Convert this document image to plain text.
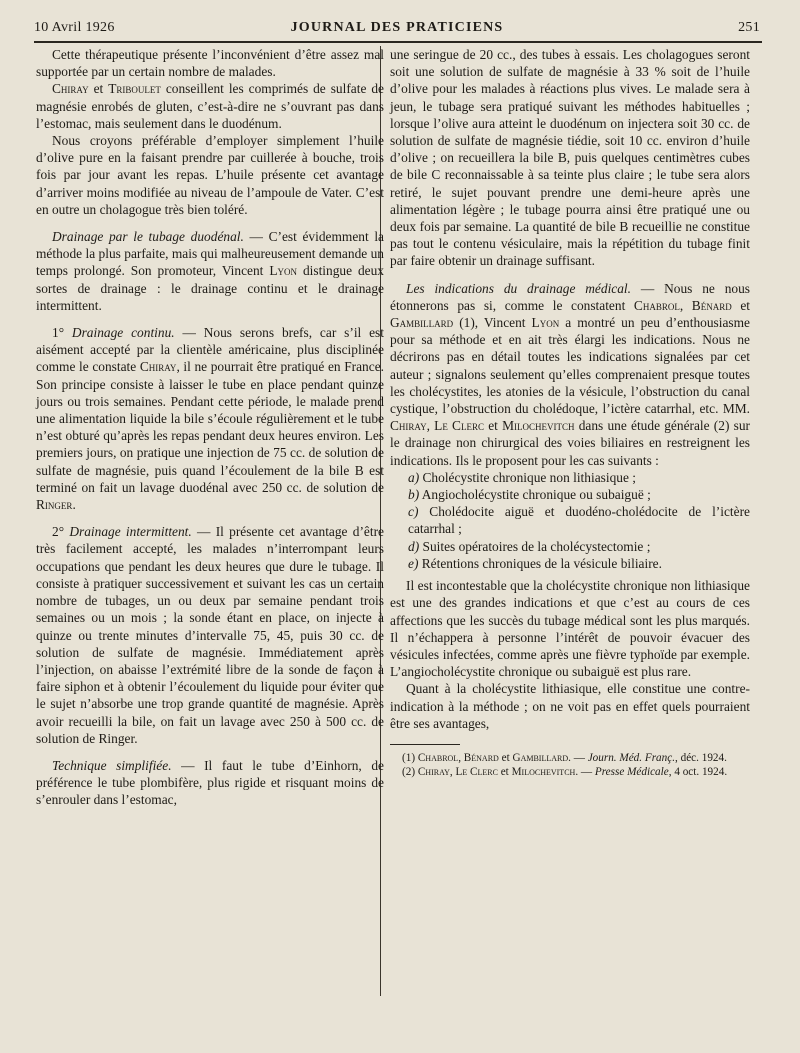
10 Avril 1926	JOURNAL DES PRATICIENS	251

Cette thérapeutique présente l’inconvénient d’être assez mal supportée par un certain nombre de malades.

Chiray et Triboulet conseillent les comprimés de sulfate de magnésie enrobés de gluten, c’est-à-dire ne s’ouvrant pas dans l’estomac, mais seulement dans le duodénum.

Nous croyons préférable d’employer simplement l’huile d’olive pure en la faisant prendre par cuillerée à bouche, trois fois par jour avant les repas. L’huile présente cet avantage d’arriver moins modifiée au niveau de l’ampoule de Vater. C’est en outre un cholagogue très bien toléré.

Drainage par le tubage duodénal. — C’est évidemment la méthode la plus parfaite, mais qui malheureusement demande un temps prolongé. Son promoteur, Vincent Lyon distingue deux sortes de drainage : le drainage continu et le drainage intermittent.

1° Drainage continu. — Nous serons brefs, car s’il est aisément accepté par la clientèle américaine, plus disciplinée comme le constate Chiray, il ne pourrait être pratiqué en France. Son principe consiste à laisser le tube en place pendant quinze jours ou trois semaines. Pendant cette période, le malade prend une alimentation liquide la bile s’écoule régulièrement et le tube n’est obturé qu’après les repas pendant deux heures environ. Les premiers jours, on pratique une injection de 75 cc. de solution de sulfate de magnésie, puis quand l’écoulement de la bile B est terminé on fait un lavage duodénal avec 250 cc. de solution de Ringer.

2° Drainage intermittent. — Il présente cet avantage d’être très facilement accepté, les malades n’interrompant leurs occupations que pendant les deux heures que dure le tubage. Il consiste à pratiquer successivement et suivant les cas un certain nombre de tubages, un ou deux par semaine pendant trois semaines ou un mois ; la sonde étant en place, on injecte à quinze ou trente minutes d’intervalle 75, 45, puis 30 cc. de solution de sulfate de magnésie. Immédiatement après l’injection, on abaisse l’extrémité libre de la sonde de façon à faire siphon et à obtenir l’écoulement du liquide pour éviter que le sujet n’absorbe une trop grande quantité de magnésie. Après avoir recueilli la bile, on fait un lavage avec 250 à 500 cc. de solution de Ringer.

Technique simplifiée. — Il faut le tube d’Einhorn, de préférence le tube plombifère, plus rigide et risquant moins de s’enrouler dans l’estomac,

une seringue de 20 cc., des tubes à essais. Les cholagogues seront soit une solution de sulfate de magnésie à 33 % soit de l’huile d’olive pour les malades à réactions plus vives. Le malade sera à jeun, le tubage sera pratiqué suivant les méthodes habituelles ; lorsque l’olive aura atteint le duodénum on injectera soit 30 cc. de solution de sulfate de magnésie tiédie, soit 10 cc. environ d’huile d’olive ; on recueillera la bile B, puis quelques centimètres cubes de bile C reconnaissable à sa teinte plus claire ; le tube sera alors retiré, le sujet pouvant prendre une demi-heure après une alimentation légère ; le tubage pourra ainsi être pratiqué une ou deux fois par semaine. La quantité de bile B recueillie ne constitue pas tout le contenu vésiculaire, mais la répétition du tubage finit par faire obtenir un drainage suffisant.

Les indications du drainage médical. — Nous ne nous étonnerons pas si, comme le constatent Chabrol, Bénard et Gambillard (1), Vincent Lyon a montré un peu d’enthousiasme pour sa méthode et en ait très élargi les indications. Nous ne décrirons pas en détail toutes les indications signalées par cet auteur ; signalons seulement qu’elles comprenaient presque toutes les cholécystites, les atonies de la vésicule, l’obstruction du canal cystique, l’obstruction du cholédoque, l’ictère catarrhal, etc. MM. Chiray, Le Clerc et Milochevitch dans une étude générale (2) sur le drainage non chirurgical des voies biliaires en restreignent les indications. Ils le proposent pour les cas suivants :

a) Cholécystite chronique non lithiasique ;

b) Angiocholécystite chronique ou subaiguë ;

c) Cholédocite aiguë et duodéno-cholédocite de l’ictère catarrhal ;

d) Suites opératoires de la cholécystectomie ;

e) Rétentions chroniques de la vésicule biliaire.

Il est incontestable que la cholécystite chronique non lithiasique est une des grandes indications et que c’est au cours de ces affections que les succès du tubage médical sont les plus marqués. Il n’échappera à personne l’intérêt de pouvoir évacuer des vésicules infectées, comme après une fièvre typhoïde par exemple. L’angiocholécystite chronique ou subaiguë est plus rare.

Quant à la cholécystite lithiasique, elle constitue une contre-indication à la méthode ; on ne voit pas en effet quels pourraient être ses avantages,

(1) Chabrol, Bénard et Gambillard. — Journ. Méd. Franç., déc. 1924.

(2) Chiray, Le Clerc et Milochevitch. — Presse Médicale, 4 oct. 1924.
